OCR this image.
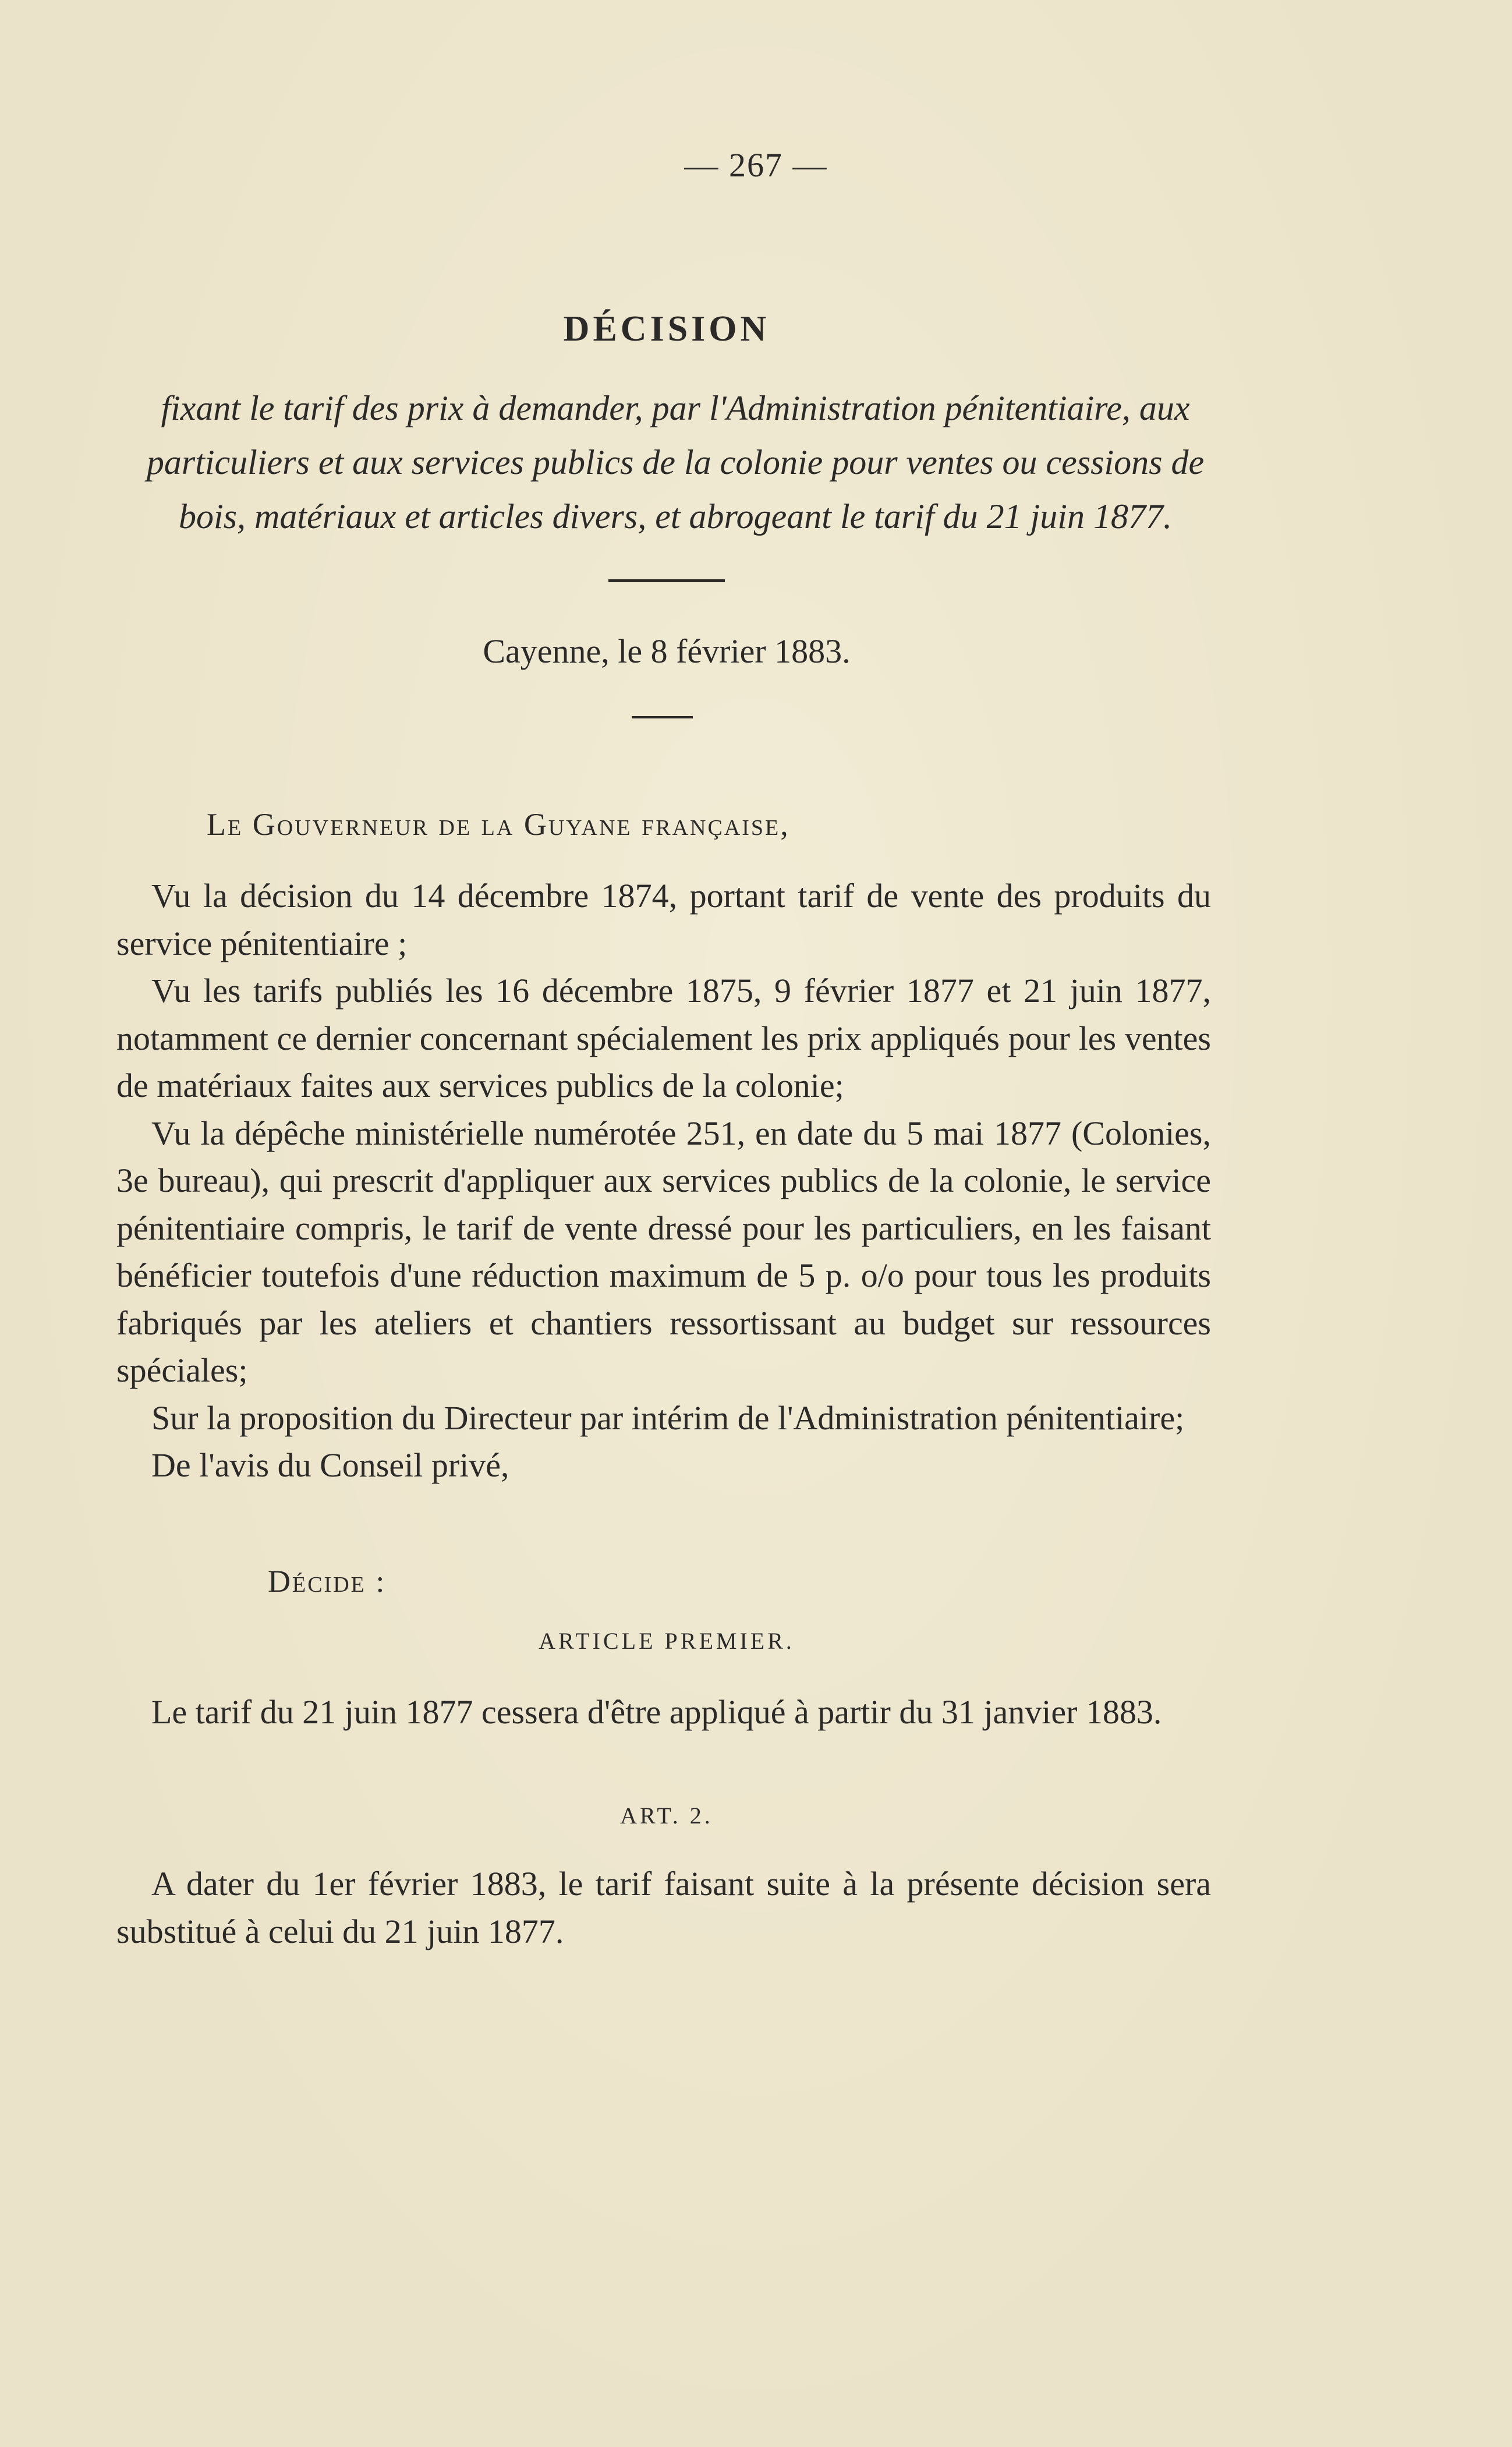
— 267 —
DÉCISION
fixant le tarif des prix à demander, par l'Administration pénitentiaire, aux particuliers et aux services publics de la colonie pour ventes ou cessions de bois, matériaux et articles divers, et abrogeant le tarif du 21 juin 1877.
Cayenne, le 8 février 1883.
Le Gouverneur de la Guyane française,

Vu la décision du 14 décembre 1874, portant tarif de vente des produits du service pénitentiaire ;

Vu les tarifs publiés les 16 décembre 1875, 9 février 1877 et 21 juin 1877, notamment ce dernier concernant spécialement les prix appliqués pour les ventes de matériaux faites aux services publics de la colonie;

Vu la dépêche ministérielle numérotée 251, en date du 5 mai 1877 (Colonies, 3e bureau), qui prescrit d'appliquer aux services publics de la colonie, le service pénitentiaire compris, le tarif de vente dressé pour les particuliers, en les faisant bénéficier toutefois d'une réduction maximum de 5 p. o/o pour tous les produits fabriqués par les ateliers et chantiers ressortissant au budget sur ressources spéciales;

Sur la proposition du Directeur par intérim de l'Administration pénitentiaire;

De l'avis du Conseil privé,

Décide :
ARTICLE PREMIER.

Le tarif du 21 juin 1877 cessera d'être appliqué à partir du 31 janvier 1883.

ART. 2.

A dater du 1er février 1883, le tarif faisant suite à la présente décision sera substitué à celui du 21 juin 1877.
